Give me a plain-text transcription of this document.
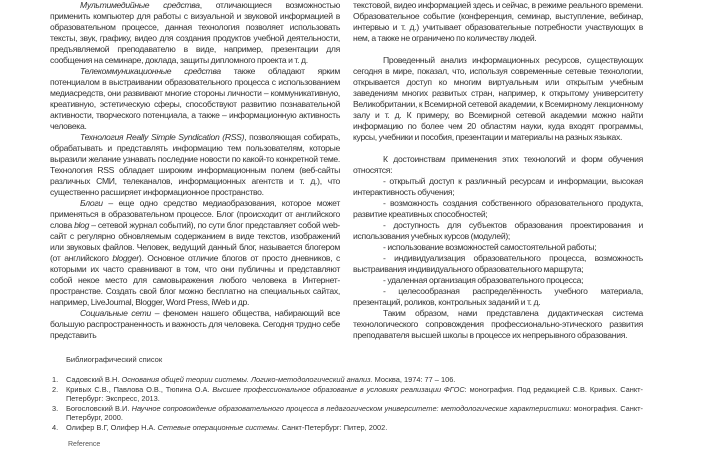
Мультимедийные средства, отличающиеся возможностью применить компьютер для работы с визуальной и звуковой информацией в образовательном процессе, данная технология позволяет использовать тексты, звук, графику, видео для создания продуктов учебной деятельности, предъявляемой преподавателю в виде, например, презентации для сообщения на семинаре, доклада, защиты дипломного проекта и т. д.

Телекоммуникационные средства также обладают ярким потенциалом в выстраивании образовательного процесса с использованием медиасредств, они развивают многие стороны личности – коммуникативную, креативную, эстетическую сферы, способствуют развитию познавательной активности, творческого потенциала, а также – информационную активность человека.

Технология Really Simple Syndication (RSS), позволяющая собирать, обрабатывать и представлять информацию тем пользователям, которые выразили желание узнавать последние новости по какой-то конкретной теме. Технология RSS обладает широким информационным полем (веб-сайты различных СМИ, телеканалов, информационных агентств и т. д.), что существенно расширяет информационное пространство.

Блоги – еще одно средство медиаобразования, которое может применяться в образовательном процессе. Блог (происходит от английского слова blog – сетевой журнал событий), по сути блог представляет собой web-сайт с регулярно обновляемым содержанием в виде текстов, изображений или звуковых файлов. Человек, ведущий данный блог, называется блогером (от английского blogger). Основное отличие блогов от просто дневников, с которыми их часто сравнивают в том, что они публичны и представляют собой некое место для самовыражения любого человека в Интернет-пространстве. Создать свой блог можно бесплатно на специальных сайтах, например, LiveJournal, Blogger, Word Press, iWeb и др.

Социальные сети – феномен нашего общества, набирающий все большую распространенность и важность для человека. Сегодня трудно себе представить

текстовой, видео информацией здесь и сейчас, в режиме реального времени. Образовательное событие (конференция, семинар, выступление, вебинар, интервью и т. д.) учитывает образовательные потребности участвующих в нем, а также не ограничено по количеству людей.

Проведенный анализ информационных ресурсов, существующих сегодня в мире, показал, что, используя современные сетевые технологии, открывается доступ ко многим виртуальным или открытым учебным заведениям многих развитых стран, например, к открытому университету Великобритании, к Всемирной сетевой академии, к Всемирному лекционному залу и т. д. К примеру, во Всемирной сетевой академии можно найти информацию по более чем 20 областям науки, куда входят программы, курсы, учебники и пособия, презентации и материалы на разных языках.

К достоинствам применения этих технологий и форм обучения относятся:

- открытый доступ к различный ресурсам и информации, высокая интерактивность обучения;

- возможность создания собственного образовательного продукта, развитие креативных способностей;

- доступность для субъектов образования проектирования и использования учебных курсов (модулей);

- использование возможностей самостоятельной работы;

- индивидуализация образовательного процесса, возможность выстраивания индивидуального образовательного маршрута;

- удаленная организация образовательного процесса;

- целесообразная распределённость учебного материала, презентаций, роликов, контрольных заданий и т. д.

Таким образом, нами представлена дидактическая система технологического сопровождения профессионально-этического развития преподавателя высшей школы в процессе их непрерывного образования.

Библиографический список
1. Садовский В.Н. Основания общей теории системы. Логико-методологический анализ. Москва, 1974: 77 – 106.
2. Кривых С.В., Павлова О.В., Тюпина О.А. Высшее профессиональное образование в условиях реализации ФГОС: монография. Под редакцией С.В. Кривых. Санкт-Петербург: Экспресс, 2013.
3. Богословский В.И. Научное сопровождение образовательного процесса в педагогическом университете: методологические характеристики: монография. Санкт-Петербург, 2000.
4. Олифер В.Г, Олифер Н.А. Сетевые операционные системы. Санкт-Петербург: Питер, 2002.
Reference
